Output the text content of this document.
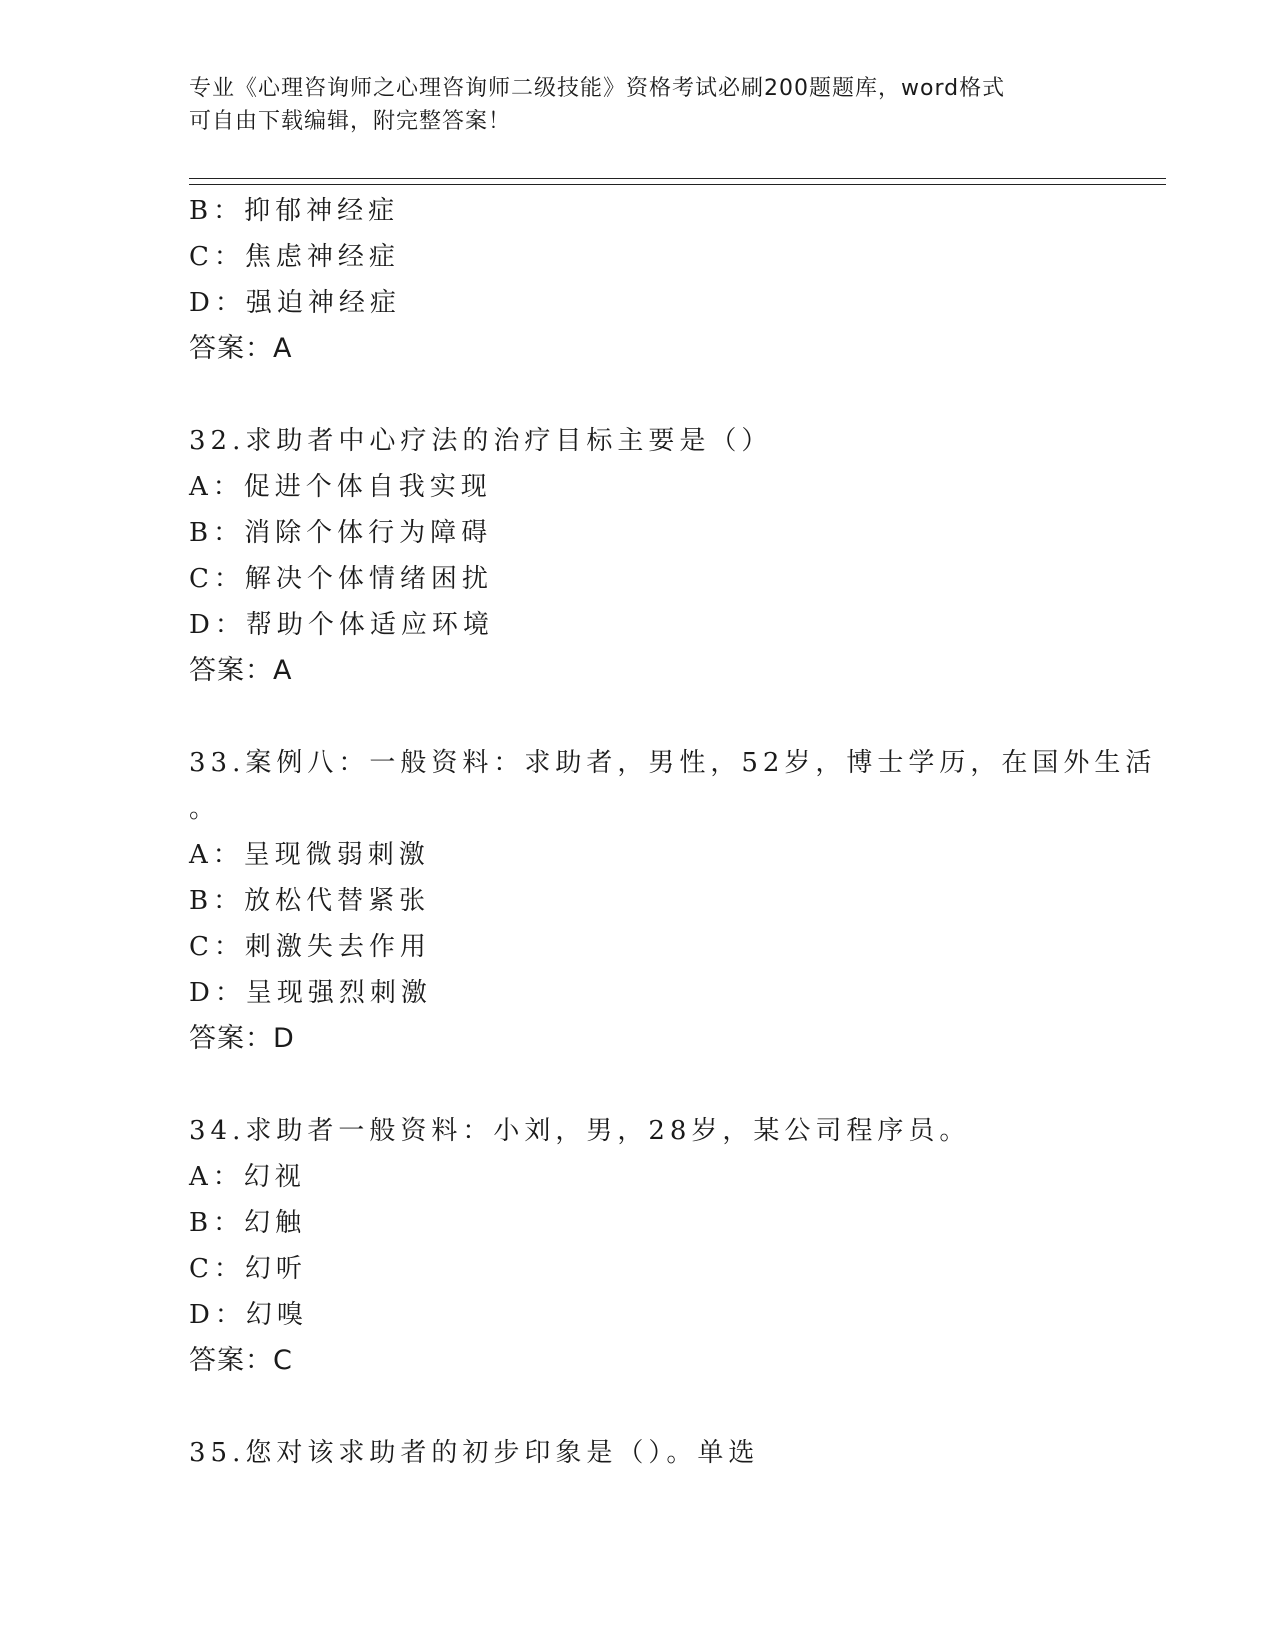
专业《心理咨询师之心理咨询师二级技能》资格考试必刷200题题库，word格式
可自由下载编辑，附完整答案！
B：抑郁神经症
C：焦虑神经症
D：强迫神经症
答案：A
32.求助者中心疗法的治疗目标主要是（）
A：促进个体自我实现
B：消除个体行为障碍
C：解决个体情绪困扰
D：帮助个体适应环境
答案：A
33.案例八：一般资料：求助者，男性，52岁，博士学历，在国外生活
。
A：呈现微弱刺激
B：放松代替紧张
C：刺激失去作用
D：呈现强烈刺激
答案：D
34.求助者一般资料：小刘，男，28岁，某公司程序员。
A：幻视
B：幻触
C：幻听
D：幻嗅
答案：C
35.您对该求助者的初步印象是（）。单选
